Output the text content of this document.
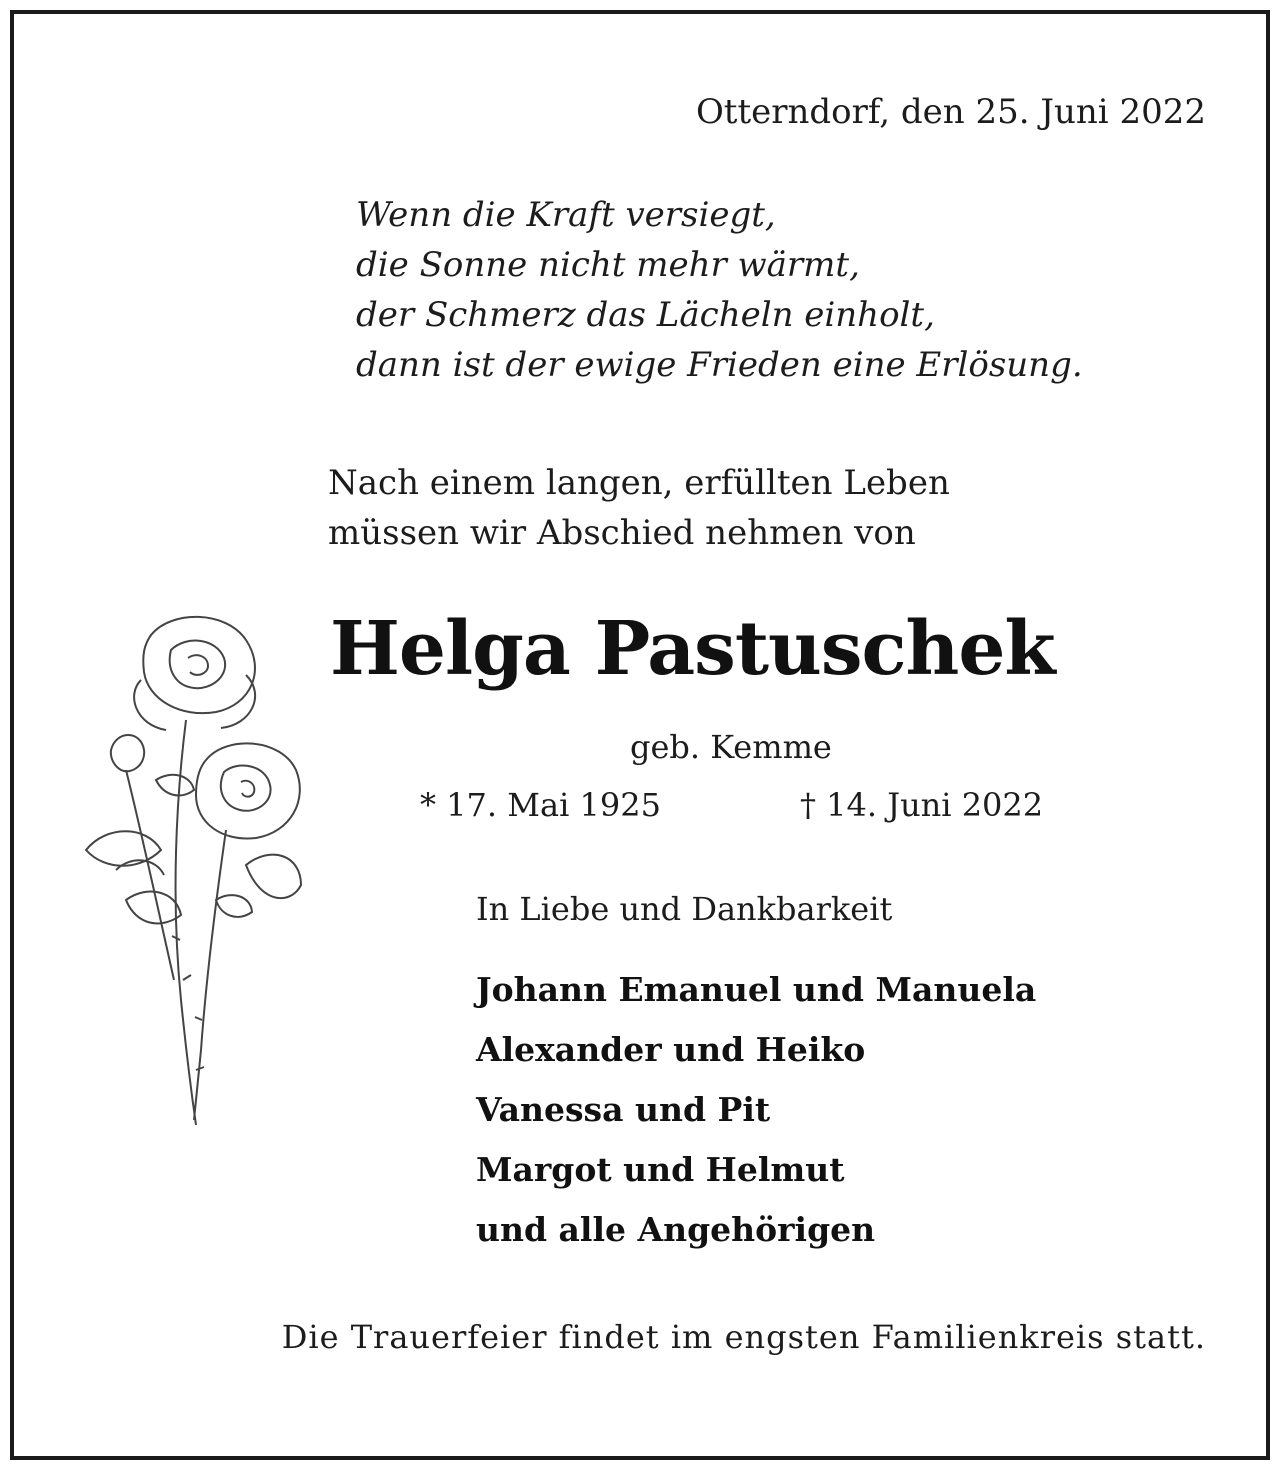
Otterndorf, den 25. Juni 2022
Wenn die Kraft versiegt,
die Sonne nicht mehr wärmt,
der Schmerz das Lächeln einholt,
dann ist der ewige Frieden eine Erlösung.
Nach einem langen, erfüllten Leben
müssen wir Abschied nehmen von
Helga Pastuschek
geb. Kemme
* 17. Mai 1925	† 14. Juni 2022
In Liebe und Dankbarkeit
Johann Emanuel und Manuela
Alexander und Heiko
Vanessa und Pit
Margot und Helmut
und alle Angehörigen
Die Trauerfeier findet im engsten Familienkreis statt.
